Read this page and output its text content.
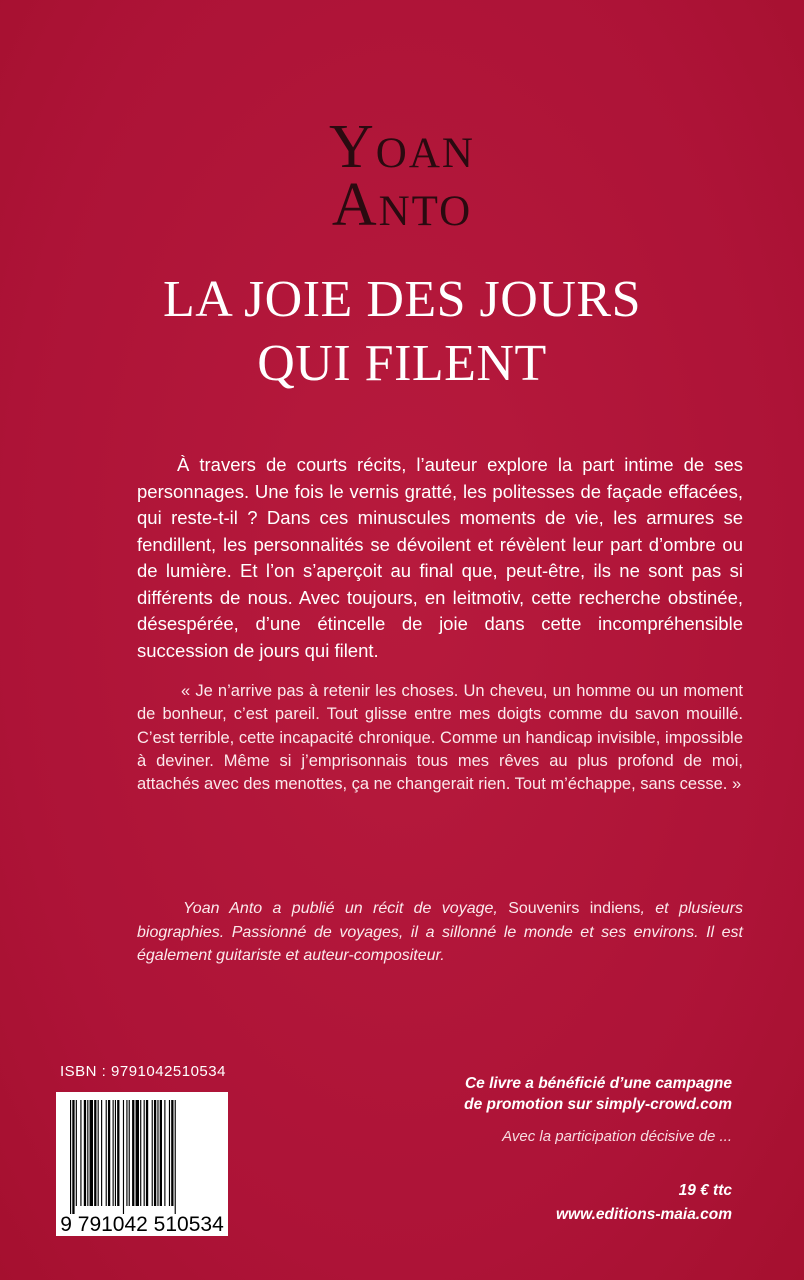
Yoan
Anto
LA JOIE DES JOURS
QUI FILENT
À travers de courts récits, l’auteur explore la part intime de ses personnages. Une fois le vernis gratté, les politesses de façade effacées, qui reste-t-il ? Dans ces minuscules moments de vie, les armures se fendillent, les personnalités se dévoilent et révèlent leur part d’ombre ou de lumière. Et l’on s’aperçoit au final que, peut-être, ils ne sont pas si différents de nous. Avec toujours, en leitmotiv, cette recherche obstinée, désespérée, d’une étincelle de joie dans cette incompréhensible succession de jours qui filent.
« Je n’arrive pas à retenir les choses. Un cheveu, un homme ou un moment de bonheur, c’est pareil. Tout glisse entre mes doigts comme du savon mouillé. C’est terrible, cette incapacité chronique. Comme un handicap invisible, impossible à deviner. Même si j’emprisonnais tous mes rêves au plus profond de moi, attachés avec des menottes, ça ne changerait rien. Tout m’échappe, sans cesse. »
Yoan Anto a publié un récit de voyage, Souvenirs indiens, et plusieurs biographies. Passionné de voyages, il a sillonné le monde et ses environs. Il est également guitariste et auteur-compositeur.
ISBN : 9791042510534
9 791042 510534
Ce livre a bénéficié d’une campagne
de promotion sur simply-crowd.com
Avec la participation décisive de ...
19 € ttc
www.editions-maia.com
